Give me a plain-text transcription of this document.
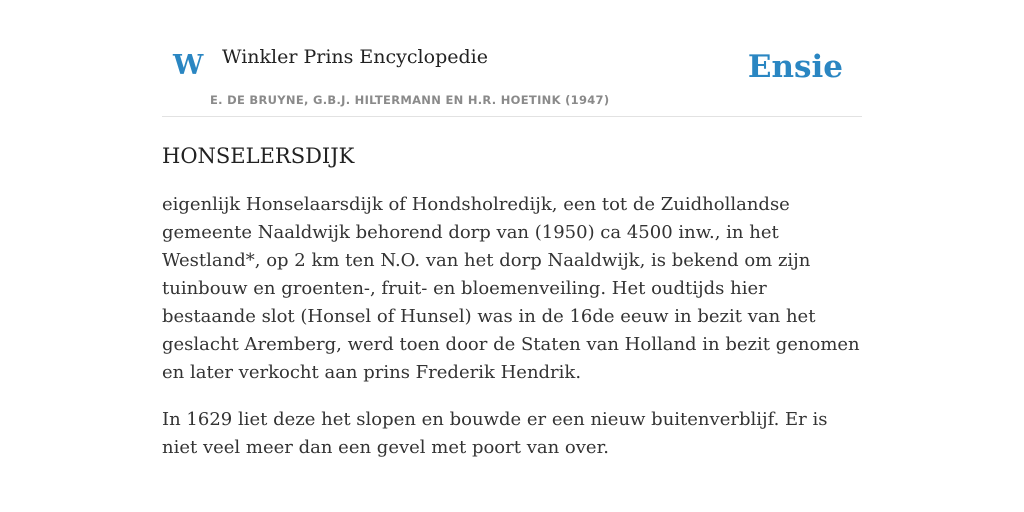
W Winkler Prins Encyclopedie
E. DE BRUYNE, G.B.J. HILTERMANN EN H.R. HOETINK (1947)
Ensie
HONSELERSDIJK

eigenlijk Honselaarsdijk of Hondsholredijk, een tot de Zuidhollandse gemeente Naaldwijk behorend dorp van (1950) ca 4500 inw., in het Westland*, op 2 km ten N.O. van het dorp Naaldwijk, is bekend om zijn tuinbouw en groenten-, fruit- en bloemenveiling. Het oudtijds hier bestaande slot (Honsel of Hunsel) was in de 16de eeuw in bezit van het geslacht Aremberg, werd toen door de Staten van Holland in bezit genomen en later verkocht aan prins Frederik Hendrik.

In 1629 liet deze het slopen en bouwde er een nieuw buitenverblijf. Er is niet veel meer dan een gevel met poort van over.
